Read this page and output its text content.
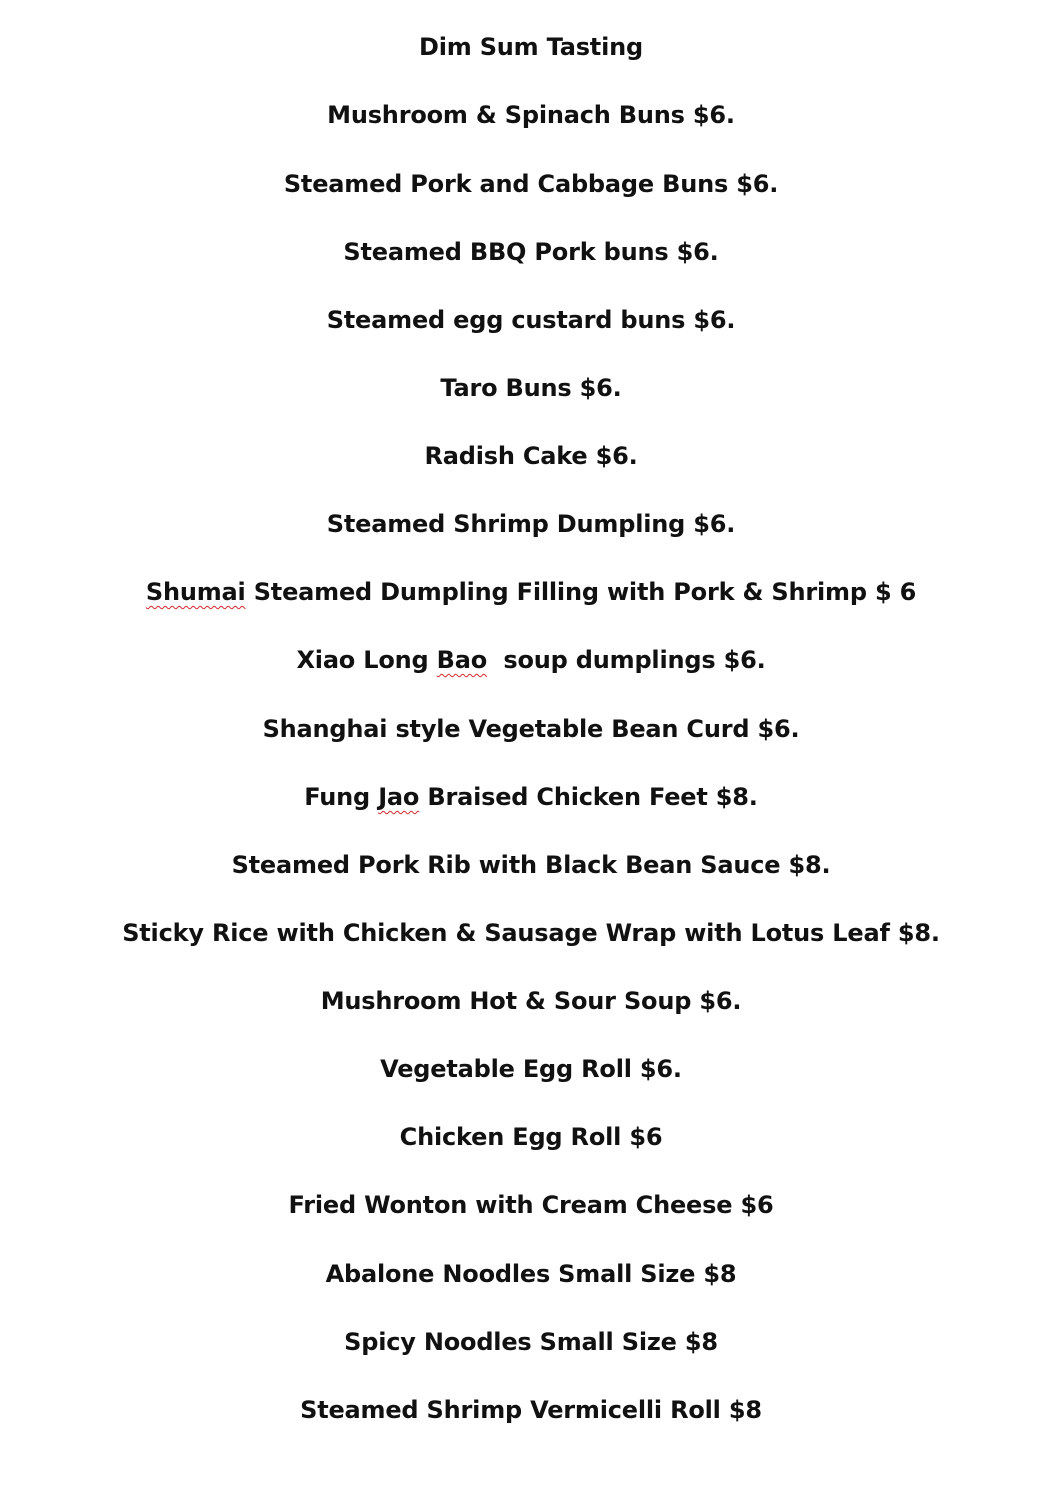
Dim Sum Tasting
Mushroom & Spinach Buns $6.
Steamed Pork and Cabbage Buns $6.
Steamed BBQ Pork buns $6.
Steamed egg custard buns $6.
Taro Buns $6.
Radish Cake $6.
Steamed Shrimp Dumpling $6.
Shumai Steamed Dumpling Filling with Pork & Shrimp $ 6
Xiao Long Bao  soup dumplings $6.
Shanghai style Vegetable Bean Curd $6.
Fung Jao Braised Chicken Feet $8.
Steamed Pork Rib with Black Bean Sauce $8.
Sticky Rice with Chicken & Sausage Wrap with Lotus Leaf $8.
Mushroom Hot & Sour Soup $6.
Vegetable Egg Roll $6.
Chicken Egg Roll $6
Fried Wonton with Cream Cheese $6
Abalone Noodles Small Size $8
Spicy Noodles Small Size $8
Steamed Shrimp Vermicelli Roll $8
